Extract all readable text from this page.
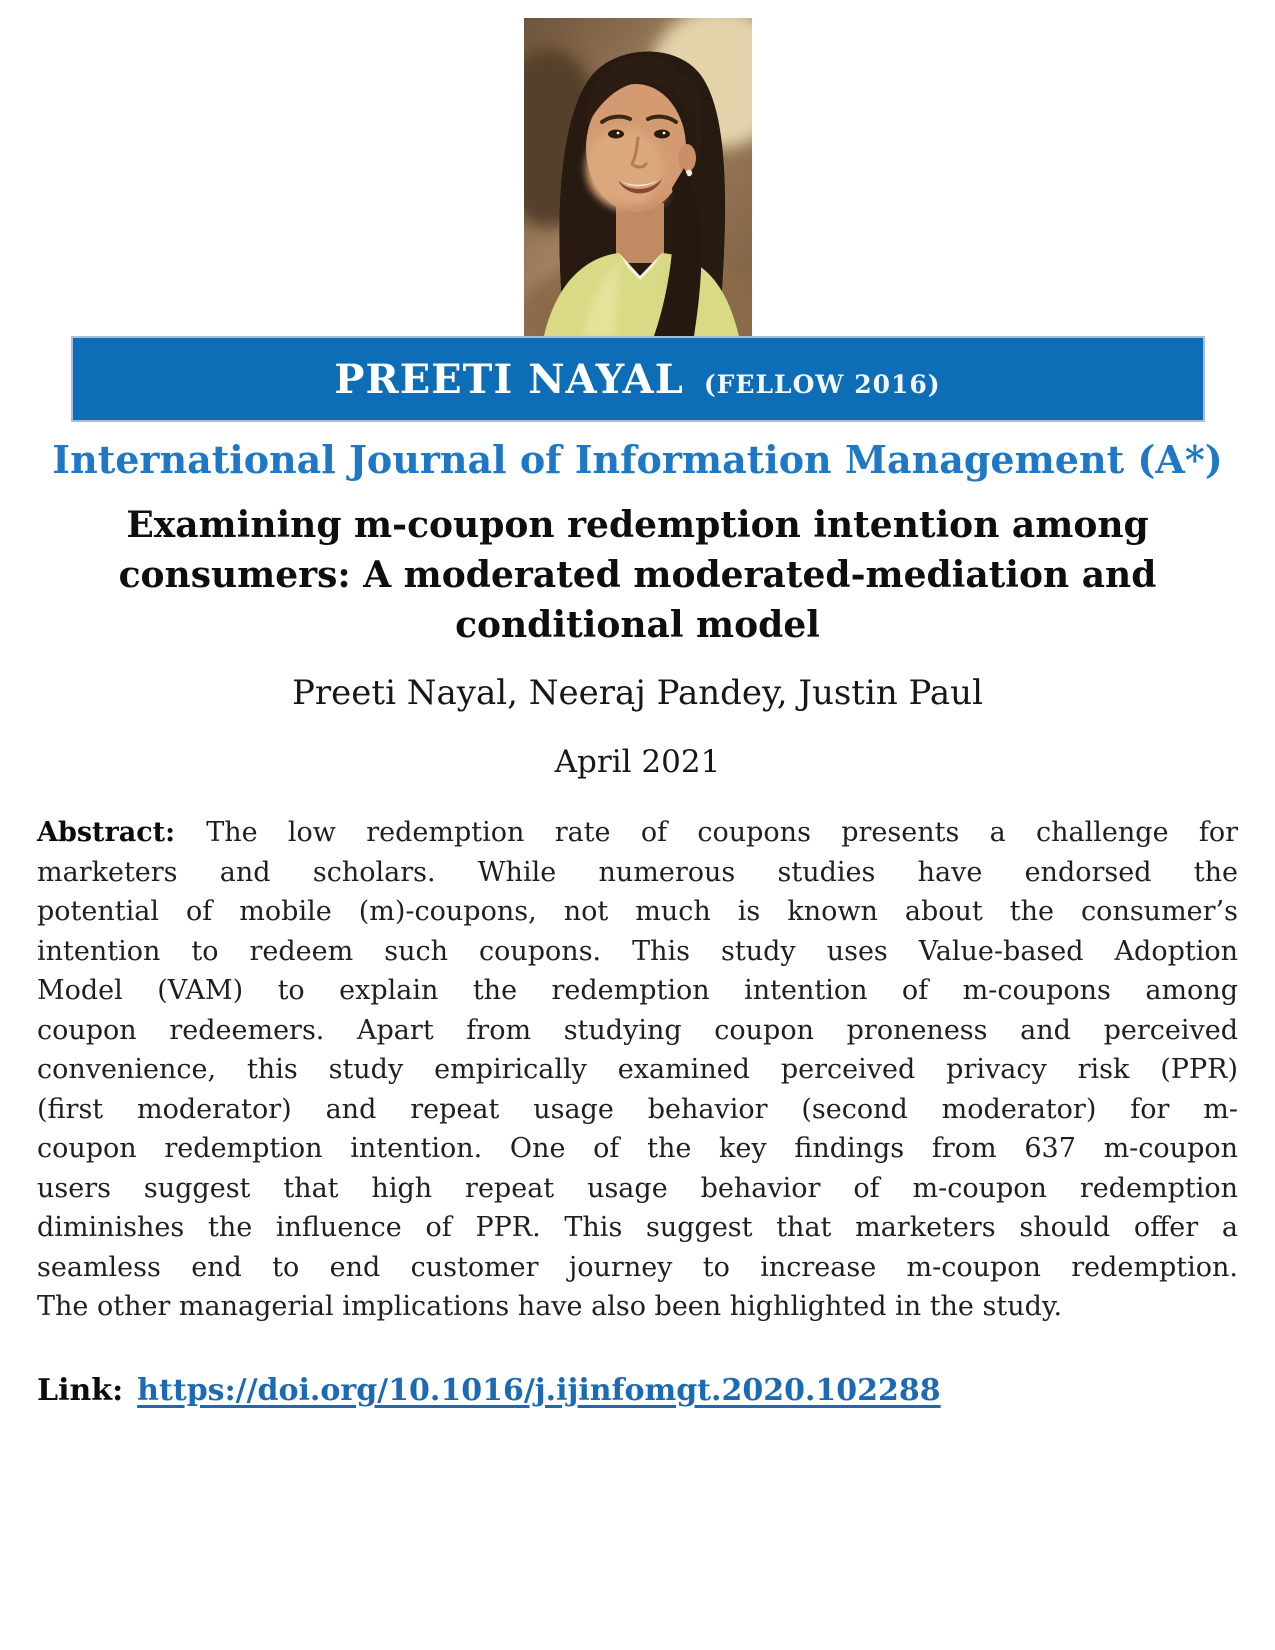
PREETI NAYAL (FELLOW 2016)
International Journal of Information Management (A*)
Examining m-coupon redemption intention among
consumers: A moderated moderated-mediation and
conditional model
Preeti Nayal, Neeraj Pandey, Justin Paul
April 2021
Abstract: The low redemption rate of coupons presents a challenge for
marketers and scholars. While numerous studies have endorsed the
potential of mobile (m)-coupons, not much is known about the consumer’s
intention to redeem such coupons. This study uses Value-based Adoption
Model (VAM) to explain the redemption intention of m-coupons among
coupon redeemers. Apart from studying coupon proneness and perceived
convenience, this study empirically examined perceived privacy risk (PPR)
(first moderator) and repeat usage behavior (second moderator) for m-
coupon redemption intention. One of the key findings from 637 m-coupon
users suggest that high repeat usage behavior of m-coupon redemption
diminishes the influence of PPR. This suggest that marketers should offer a
seamless end to end customer journey to increase m-coupon redemption.
The other managerial implications have also been highlighted in the study.
Link: https://doi.org/10.1016/j.ijinfomgt.2020.102288
